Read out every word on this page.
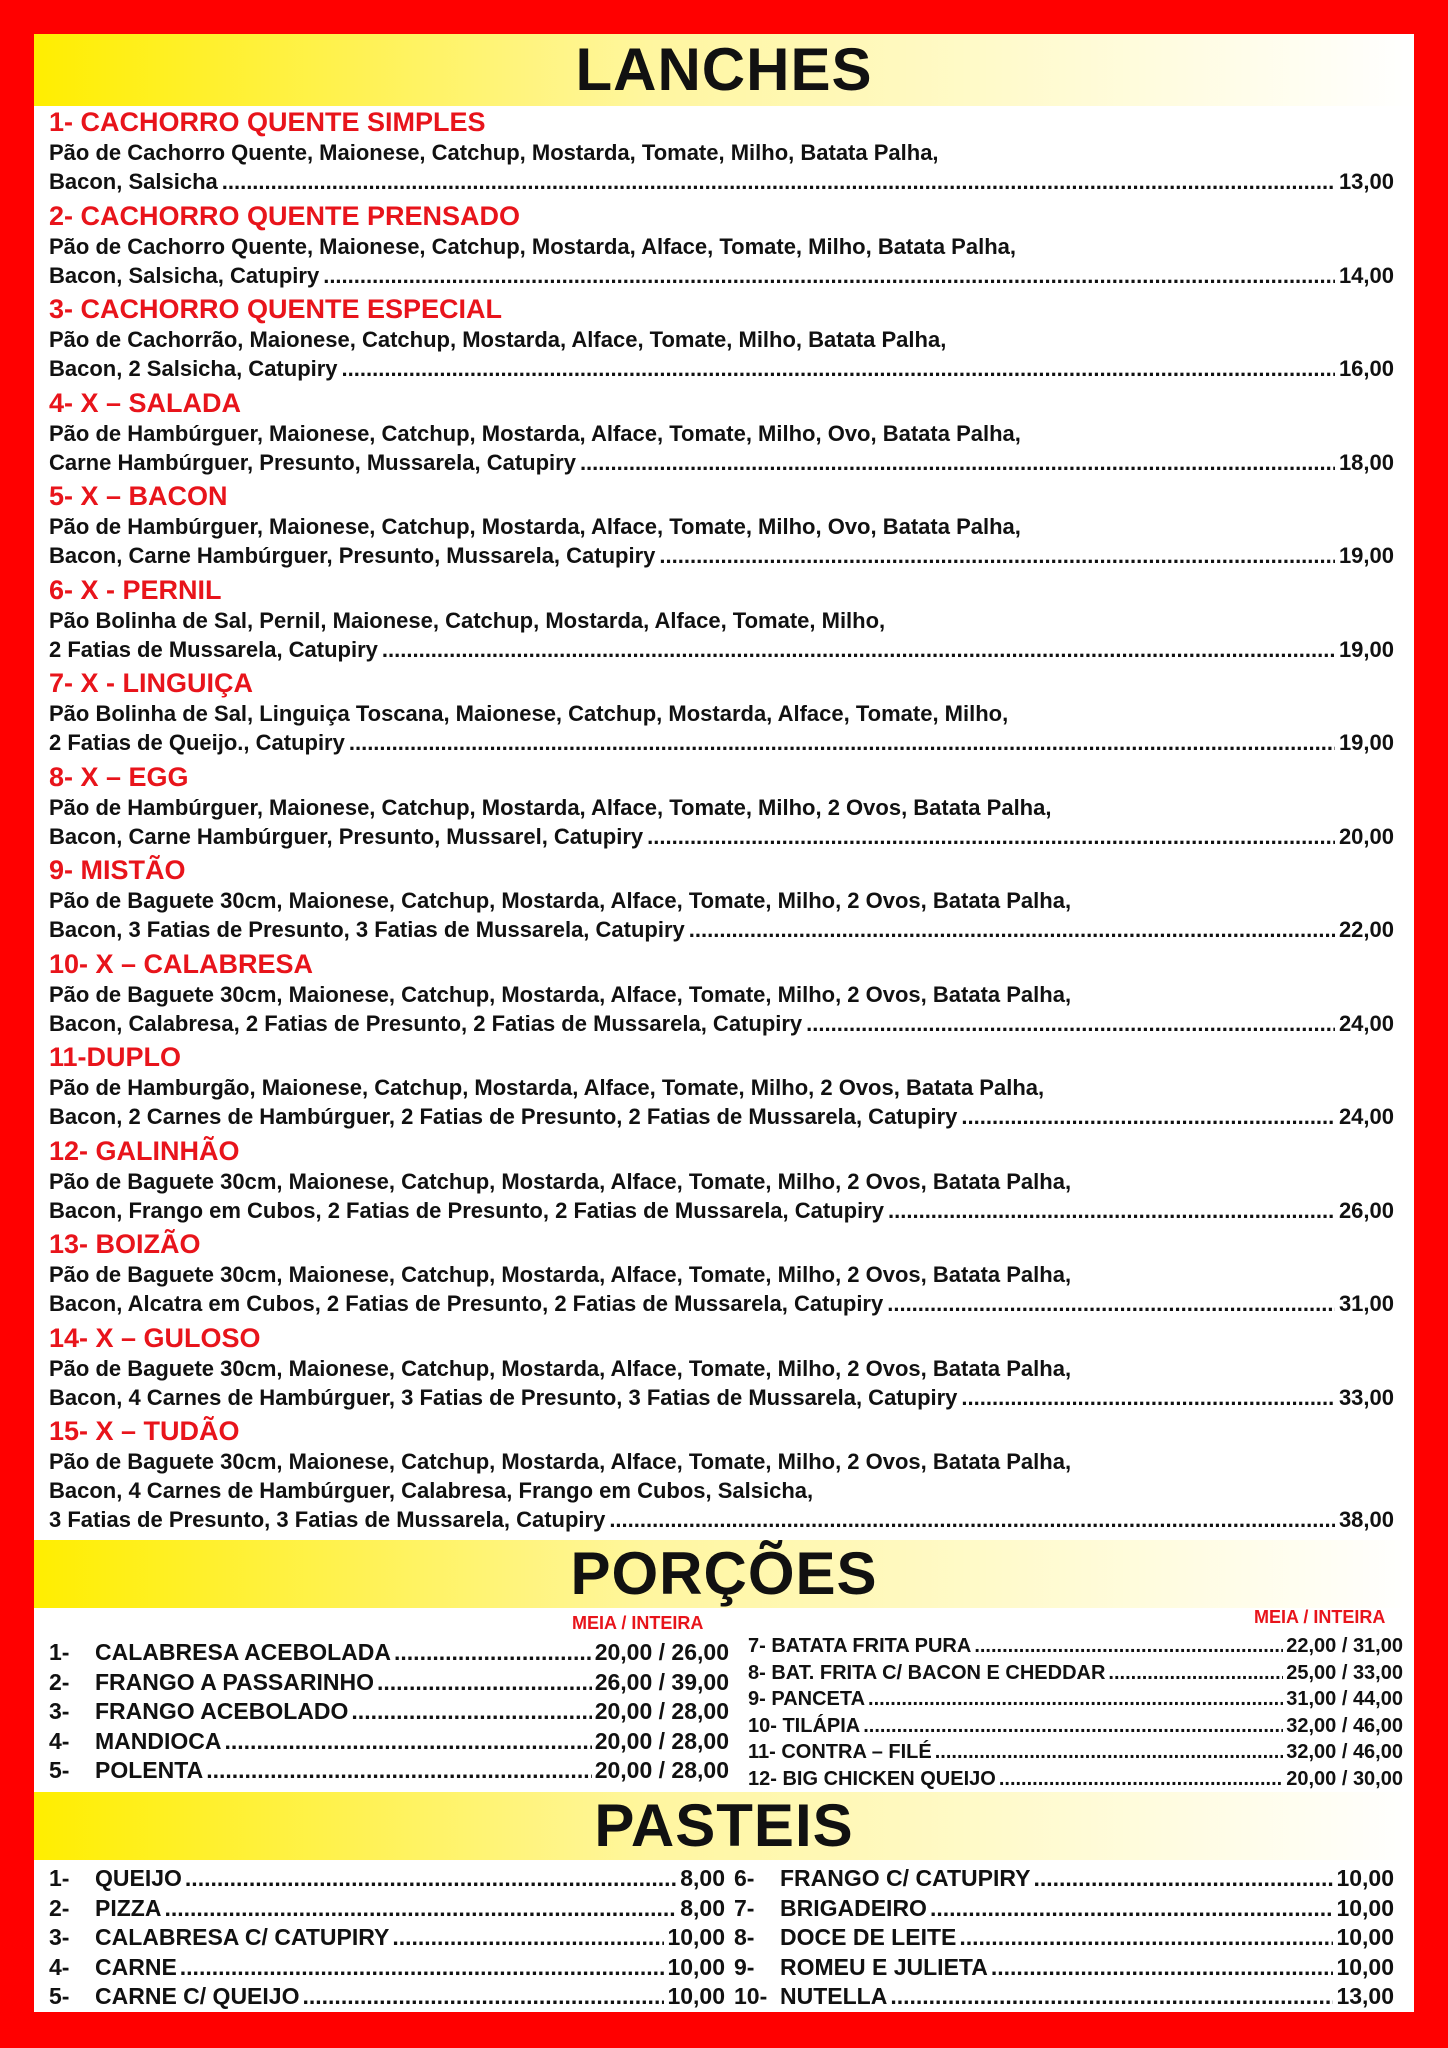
LANCHES
1- CACHORRO QUENTE SIMPLES
Pão de Cachorro Quente, Maionese, Catchup, Mostarda, Tomate, Milho, Batata Palha,
Bacon, Salsicha .....	13,00
2- CACHORRO QUENTE PRENSADO
Pão de Cachorro Quente, Maionese, Catchup, Mostarda, Alface, Tomate, Milho, Batata Palha,
Bacon, Salsicha, Catupiry .....	14,00
3- CACHORRO QUENTE ESPECIAL
Pão de Cachorrão, Maionese, Catchup, Mostarda, Alface, Tomate, Milho, Batata Palha,
Bacon, 2 Salsicha, Catupiry .....	16,00
4- X – SALADA
Pão de Hambúrguer, Maionese, Catchup, Mostarda, Alface, Tomate, Milho, Ovo, Batata Palha,
Carne Hambúrguer, Presunto, Mussarela, Catupiry .....	18,00
5- X – BACON
Pão de Hambúrguer, Maionese, Catchup, Mostarda, Alface, Tomate, Milho, Ovo, Batata Palha,
Bacon, Carne Hambúrguer, Presunto, Mussarela, Catupiry .....	19,00
6- X - PERNIL
Pão Bolinha de Sal, Pernil, Maionese, Catchup, Mostarda, Alface, Tomate, Milho,
2 Fatias de Mussarela, Catupiry .....	19,00
7- X - LINGUIÇA
Pão Bolinha de Sal, Linguiça Toscana, Maionese, Catchup, Mostarda, Alface, Tomate, Milho,
2 Fatias de Queijo., Catupiry .....	19,00
8- X – EGG
Pão de Hambúrguer, Maionese, Catchup, Mostarda, Alface, Tomate, Milho, 2 Ovos, Batata Palha,
Bacon, Carne Hambúrguer, Presunto, Mussarel, Catupiry .....	20,00
9- MISTÃO
Pão de Baguete 30cm, Maionese, Catchup, Mostarda, Alface, Tomate, Milho, 2 Ovos, Batata Palha,
Bacon, 3 Fatias de Presunto, 3 Fatias de Mussarela, Catupiry .....	22,00
10- X – CALABRESA
Pão de Baguete 30cm, Maionese, Catchup, Mostarda, Alface, Tomate, Milho, 2 Ovos, Batata Palha,
Bacon, Calabresa, 2 Fatias de Presunto, 2 Fatias de Mussarela, Catupiry .....	24,00
11-DUPLO
Pão de Hamburgão, Maionese, Catchup, Mostarda, Alface, Tomate, Milho, 2 Ovos, Batata Palha,
Bacon, 2 Carnes de Hambúrguer, 2 Fatias de Presunto, 2 Fatias de Mussarela, Catupiry .....	24,00
12- GALINHÃO
Pão de Baguete 30cm, Maionese, Catchup, Mostarda, Alface, Tomate, Milho, 2 Ovos, Batata Palha,
Bacon, Frango em Cubos, 2 Fatias de Presunto, 2 Fatias de Mussarela, Catupiry .....	26,00
13- BOIZÃO
Pão de Baguete 30cm, Maionese, Catchup, Mostarda, Alface, Tomate, Milho, 2 Ovos, Batata Palha,
Bacon, Alcatra em Cubos, 2 Fatias de Presunto, 2 Fatias de Mussarela, Catupiry .....	31,00
14- X – GULOSO
Pão de Baguete 30cm, Maionese, Catchup, Mostarda, Alface, Tomate, Milho, 2 Ovos, Batata Palha,
Bacon, 4 Carnes de Hambúrguer, 3 Fatias de Presunto, 3 Fatias de Mussarela, Catupiry .....	33,00
15- X – TUDÃO
Pão de Baguete 30cm, Maionese, Catchup, Mostarda, Alface, Tomate, Milho, 2 Ovos, Batata Palha,
Bacon, 4 Carnes de Hambúrguer, Calabresa, Frango em Cubos, Salsicha,
3 Fatias de Presunto, 3 Fatias de Mussarela, Catupiry .....	38,00
PORÇÕES
MEIA / INTEIRA	MEIA / INTEIRA
1-	CALABRESA ACEBOLADA .....	20,00 / 26,00
2-	FRANGO A PASSARINHO .....	26,00 / 39,00
3-	FRANGO ACEBOLADO .....	20,00 / 28,00
4-	MANDIOCA .....	20,00 / 28,00
5-	POLENTA .....	20,00 / 28,00
7- BATATA FRITA PURA .....	22,00 / 31,00
8- BAT. FRITA C/ BACON E CHEDDAR .....	25,00 / 33,00
9- PANCETA .....	31,00 / 44,00
10- TILÁPIA .....	32,00 / 46,00
11- CONTRA – FILÉ .....	32,00 / 46,00
12- BIG CHICKEN QUEIJO .....	20,00 / 30,00
PASTEIS
1-	QUEIJO .....	8,00
2-	PIZZA .....	8,00
3-	CALABRESA C/ CATUPIRY .....	10,00
4-	CARNE .....	10,00
5-	CARNE C/ QUEIJO .....	10,00
6-	FRANGO C/ CATUPIRY .....	10,00
7-	BRIGADEIRO .....	10,00
8-	DOCE DE LEITE .....	10,00
9-	ROMEU E JULIETA .....	10,00
10- NUTELLA .....	13,00
